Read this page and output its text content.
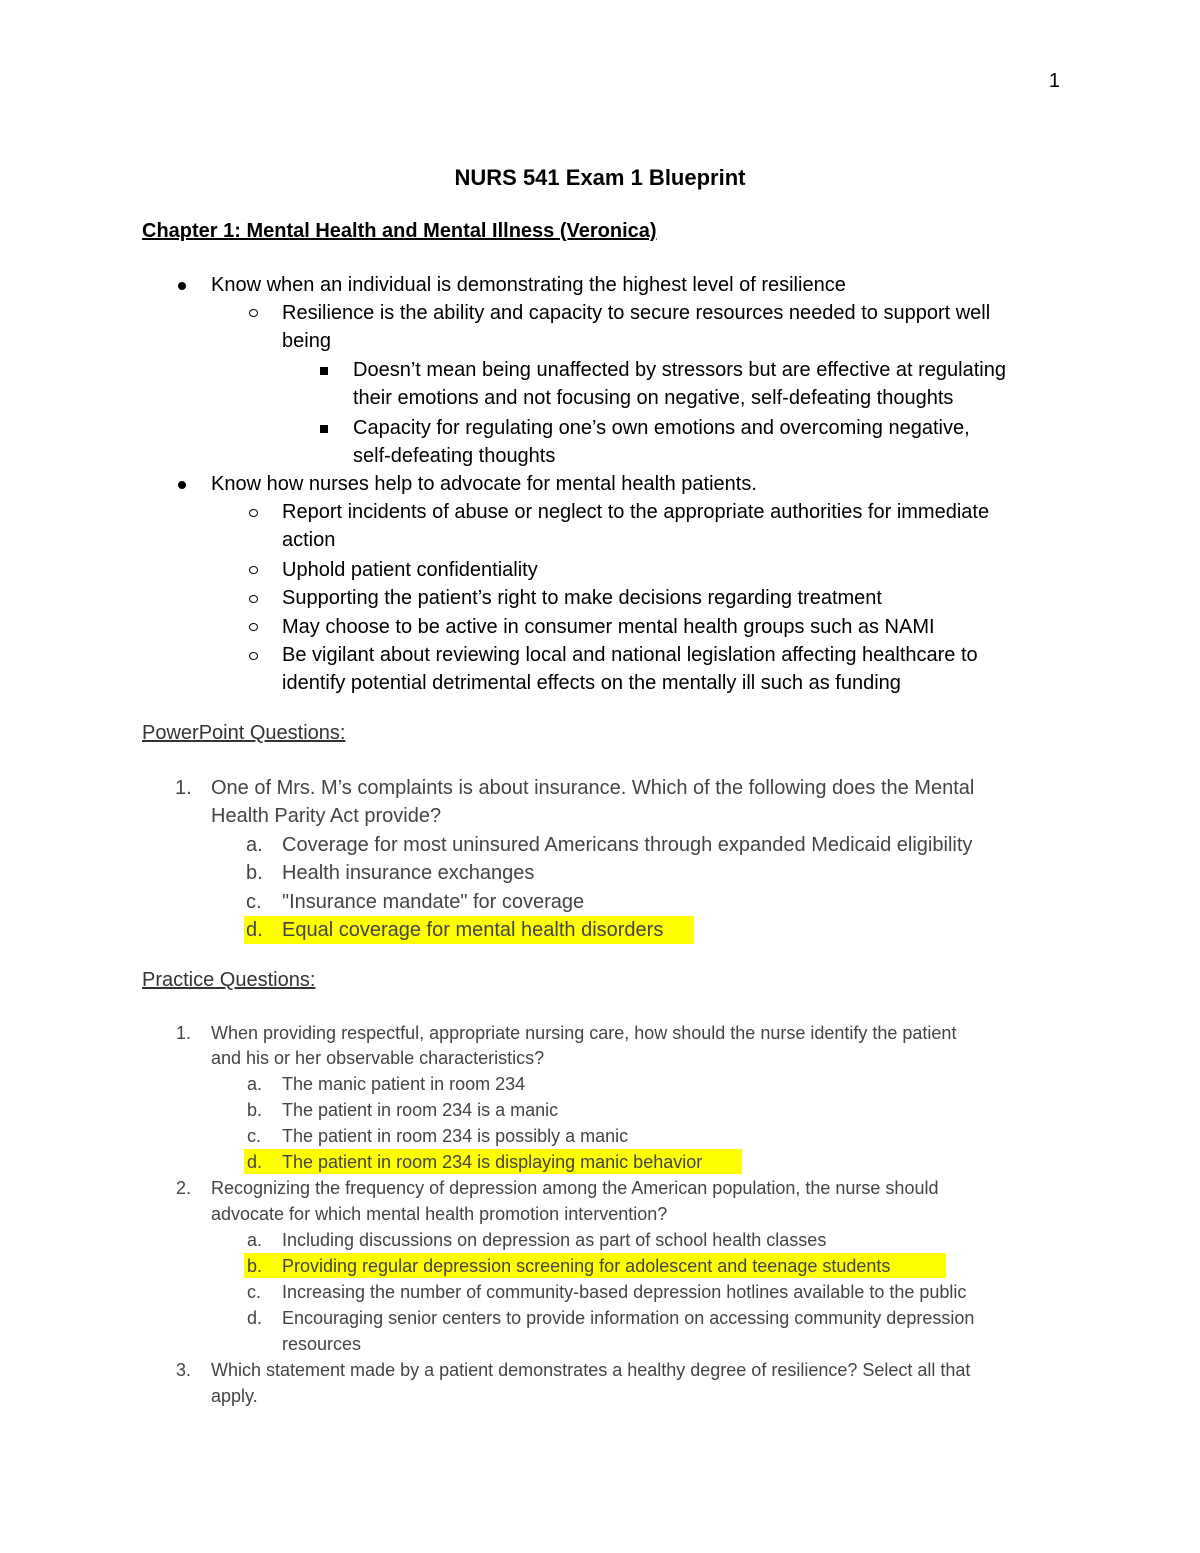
1
NURS 541 Exam 1 Blueprint
Chapter 1: Mental Health and Mental Illness (Veronica)
Know when an individual is demonstrating the highest level of resilience
Resilience is the ability and capacity to secure resources needed to support well
being
Doesn’t mean being unaffected by stressors but are effective at regulating
their emotions and not focusing on negative, self-defeating thoughts
Capacity for regulating one’s own emotions and overcoming negative,
self-defeating thoughts
Know how nurses help to advocate for mental health patients.
Report incidents of abuse or neglect to the appropriate authorities for immediate
action
Uphold patient confidentiality
Supporting the patient’s right to make decisions regarding treatment
May choose to be active in consumer mental health groups such as NAMI
Be vigilant about reviewing local and national legislation affecting healthcare to
identify potential detrimental effects on the mentally ill such as funding
PowerPoint Questions:
1. One of Mrs. M’s complaints is about insurance. Which of the following does the Mental
Health Parity Act provide?
a. Coverage for most uninsured Americans through expanded Medicaid eligibility
b. Health insurance exchanges
c. "Insurance mandate" for coverage
d. Equal coverage for mental health disorders
Practice Questions:
1. When providing respectful, appropriate nursing care, how should the nurse identify the patient
and his or her observable characteristics?
a. The manic patient in room 234
b. The patient in room 234 is a manic
c. The patient in room 234 is possibly a manic
d. The patient in room 234 is displaying manic behavior
2. Recognizing the frequency of depression among the American population, the nurse should
advocate for which mental health promotion intervention?
a. Including discussions on depression as part of school health classes
b. Providing regular depression screening for adolescent and teenage students
c. Increasing the number of community-based depression hotlines available to the public
d. Encouraging senior centers to provide information on accessing community depression
resources
3. Which statement made by a patient demonstrates a healthy degree of resilience? Select all that
apply.
